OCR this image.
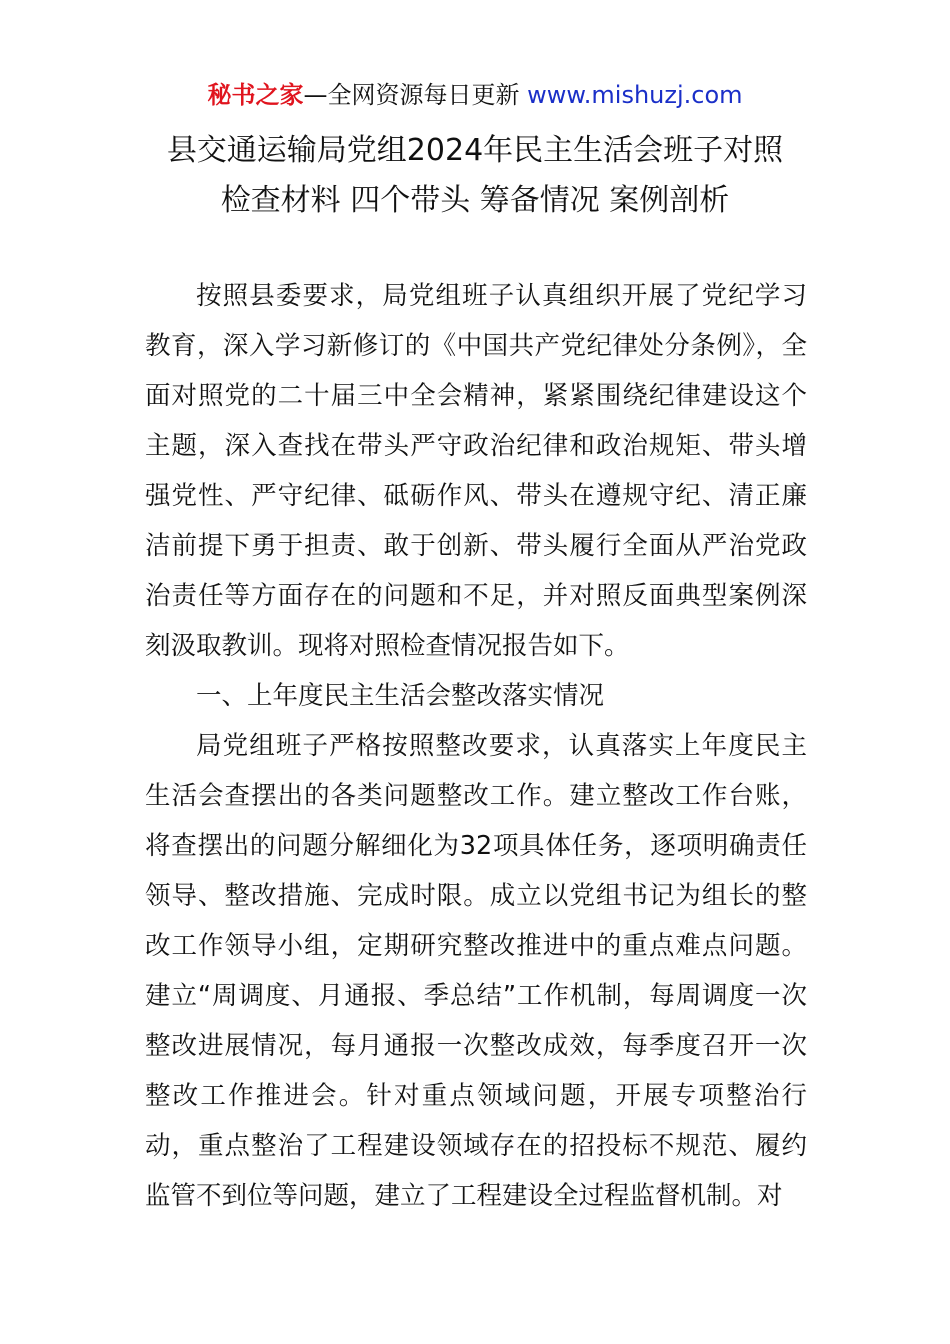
秘书之家—全网资源每日更新 www.mishuzj.com
县交通运输局党组2024年民主生活会班子对照
检查材料 四个带头 筹备情况 案例剖析

按照县委要求，局党组班子认真组织开展了党纪学习教育，深入学习新修订的《中国共产党纪律处分条例》，全面对照党的二十届三中全会精神，紧紧围绕纪律建设这个主题，深入查找在带头严守政治纪律和政治规矩、带头增强党性、严守纪律、砥砺作风、带头在遵规守纪、清正廉洁前提下勇于担责、敢于创新、带头履行全面从严治党政治责任等方面存在的问题和不足，并对照反面典型案例深刻汲取教训。现将对照检查情况报告如下。

一、上年度民主生活会整改落实情况

局党组班子严格按照整改要求，认真落实上年度民主生活会查摆出的各类问题整改工作。建立整改工作台账，将查摆出的问题分解细化为32项具体任务，逐项明确责任领导、整改措施、完成时限。成立以党组书记为组长的整改工作领导小组，定期研究整改推进中的重点难点问题。建立“周调度、月通报、季总结”工作机制，每周调度一次整改进展情况，每月通报一次整改成效，每季度召开一次整改工作推进会。针对重点领域问题，开展专项整治行动，重点整治了工程建设领域存在的招投标不规范、履约监管不到位等问题，建立了工程建设全过程监督机制。对
